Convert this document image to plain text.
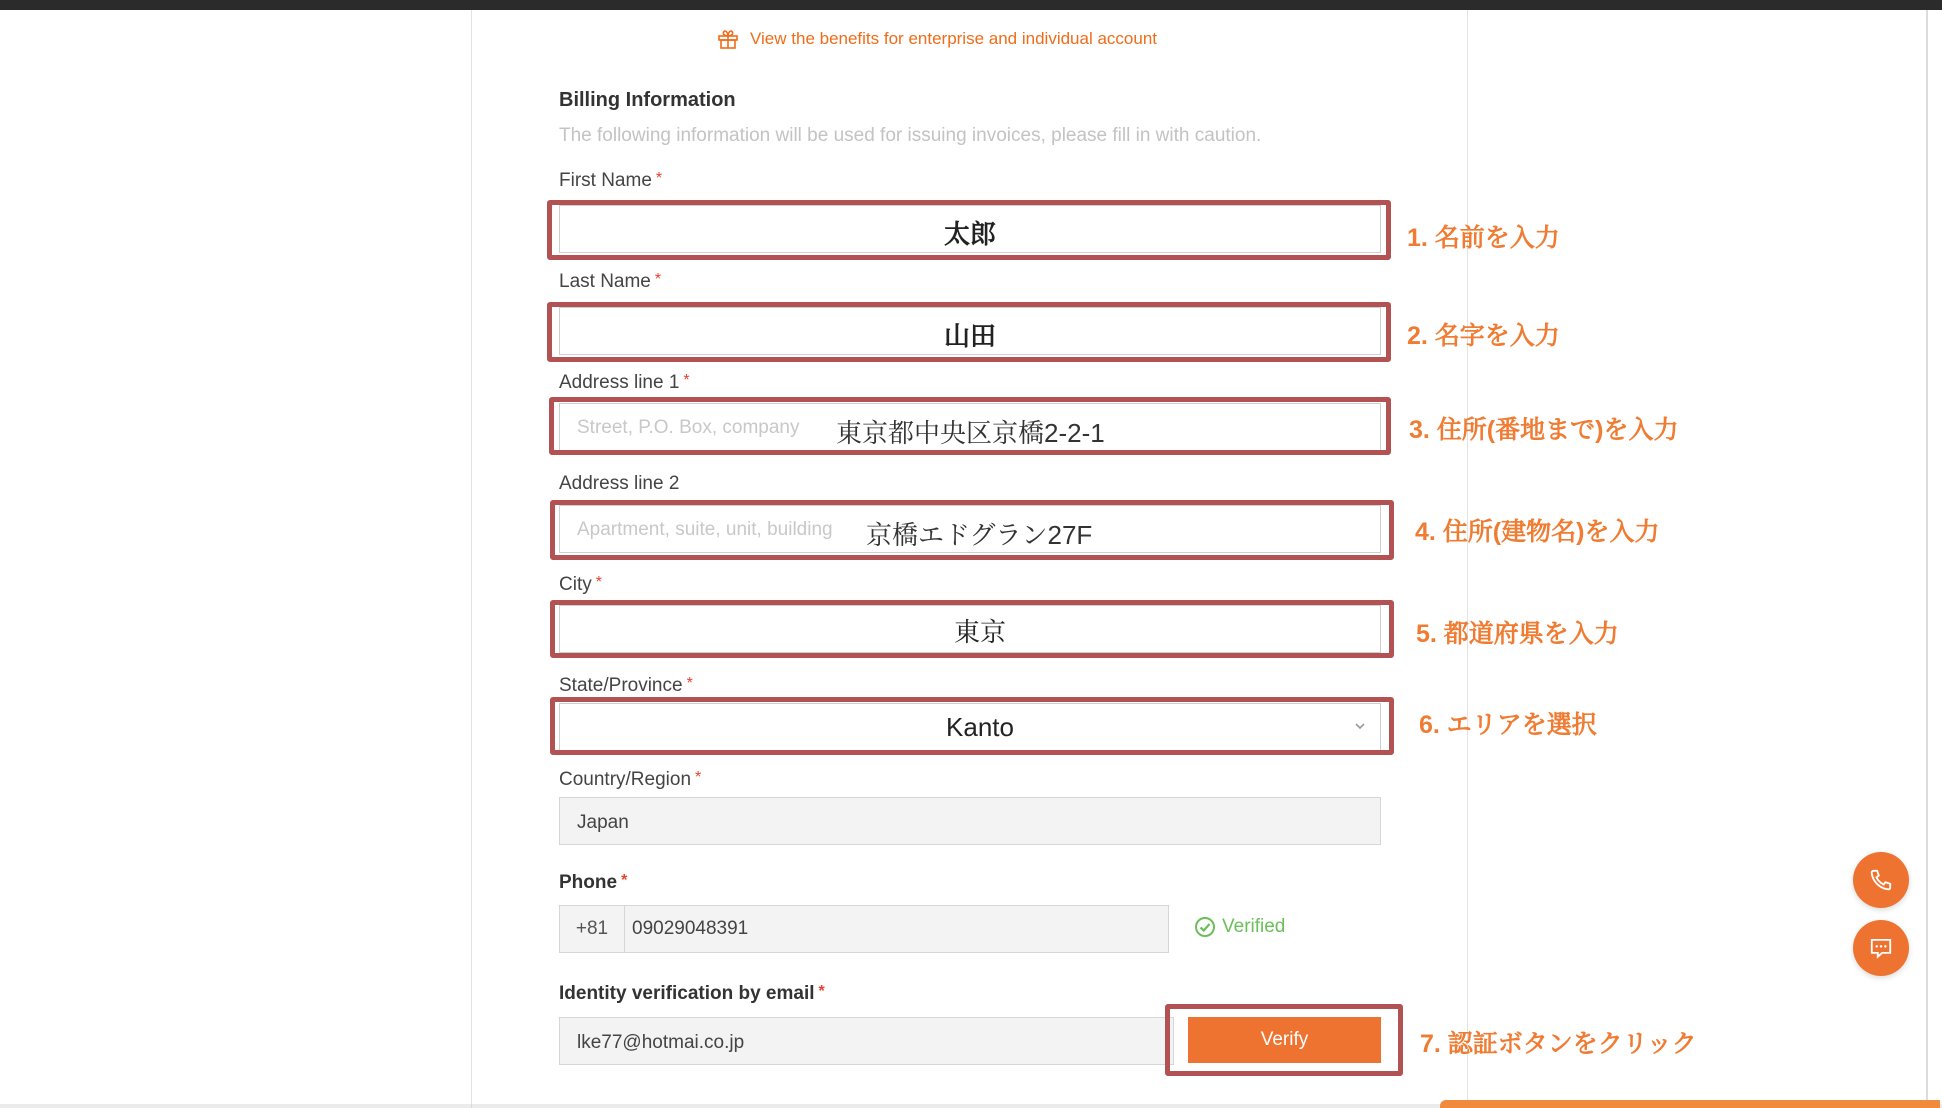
View the benefits for enterprise and individual account
Billing Information
The following information will be used for issuing invoices, please fill in with caution.
First Name *
太郎	1. 名前を入力
Last Name *
山田	2. 名字を入力
Address line 1 *
Street, P.O. Box, company 東京都中央区京橋2-2-1	3. 住所(番地まで)を入力
Address line 2
Apartment, suite, unit, building 京橋エドグラン27F	4. 住所(建物名)を入力
City *
東京	5. 都道府県を入力
State/Province *
Kanto	6. エリアを選択
Country/Region *
Japan
Phone *
+81	09029048391	Verified
Identity verification by email *
lke77@hotmai.co.jp	Verify	7. 認証ボタンをクリック
